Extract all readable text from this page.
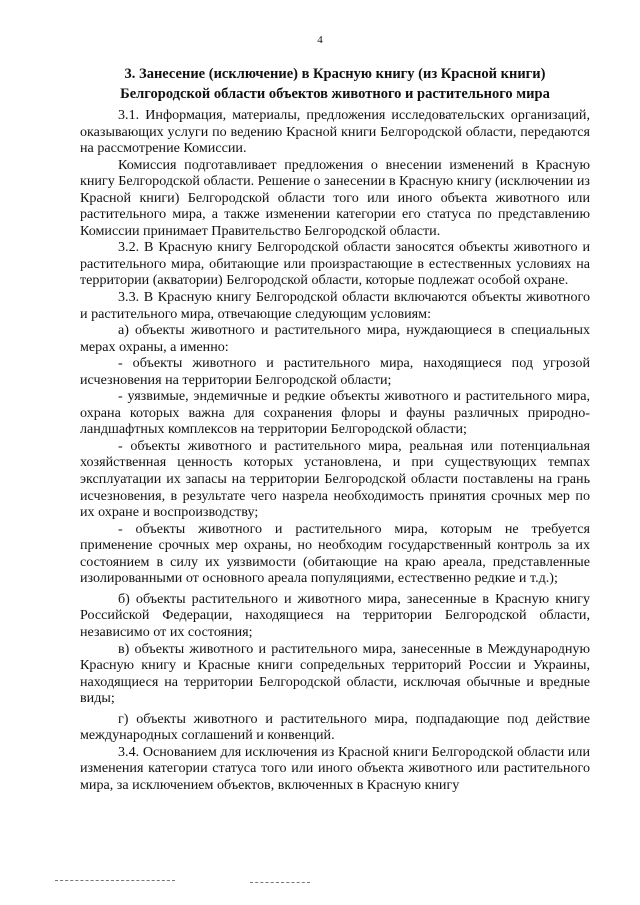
4
3. Занесение (исключение) в Красную книгу (из Красной книги)
Белгородской области объектов животного и растительного мира

3.1. Информация, материалы, предложения исследовательских организаций, оказывающих услуги по ведению Красной книги Белгородской области, передаются на рассмотрение Комиссии.

Комиссия подготавливает предложения о внесении изменений в Красную книгу Белгородской области. Решение о занесении в Красную книгу (исключении из Красной книги) Белгородской области того или иного объекта животного или растительного мира, а также изменении категории его статуса по представлению Комиссии принимает Правительство Белгородской области.

3.2. В Красную книгу Белгородской области заносятся объекты животного и растительного мира, обитающие или произрастающие в естественных условиях на территории (акватории) Белгородской области, которые подлежат особой охране.

3.3. В Красную книгу Белгородской области включаются объекты животного и растительного мира, отвечающие следующим условиям:

а) объекты животного и растительного мира, нуждающиеся в специальных мерах охраны, а именно:

- объекты животного и растительного мира, находящиеся под угрозой исчезновения на территории Белгородской области;

- уязвимые, эндемичные и редкие объекты животного и растительного мира, охрана которых важна для сохранения флоры и фауны различных природно-ландшафтных комплексов на территории Белгородской области;

- объекты животного и растительного мира, реальная или потенциальная хозяйственная ценность которых установлена, и при существующих темпах эксплуатации их запасы на территории Белгородской области поставлены на грань исчезновения, в результате чего назрела необходимость принятия срочных мер по их охране и воспроизводству;

- объекты животного и растительного мира, которым не требуется применение срочных мер охраны, но необходим государственный контроль за их состоянием в силу их уязвимости (обитающие на краю ареала, представленные изолированными от основного ареала популяциями, естественно редкие и т.д.);

б) объекты растительного и животного мира, занесенные в Красную книгу Российской Федерации, находящиеся на территории Белгородской области, независимо от их состояния;

в) объекты животного и растительного мира, занесенные в Международную Красную книгу и Красные книги сопредельных территорий России и Украины, находящиеся на территории Белгородской области, исключая обычные и вредные виды;

г) объекты животного и растительного мира, подпадающие под действие международных соглашений и конвенций.

3.4. Основанием для исключения из Красной книги Белгородской области или изменения категории статуса того или иного объекта животного или растительного мира, за исключением объектов, включенных в Красную книгу
